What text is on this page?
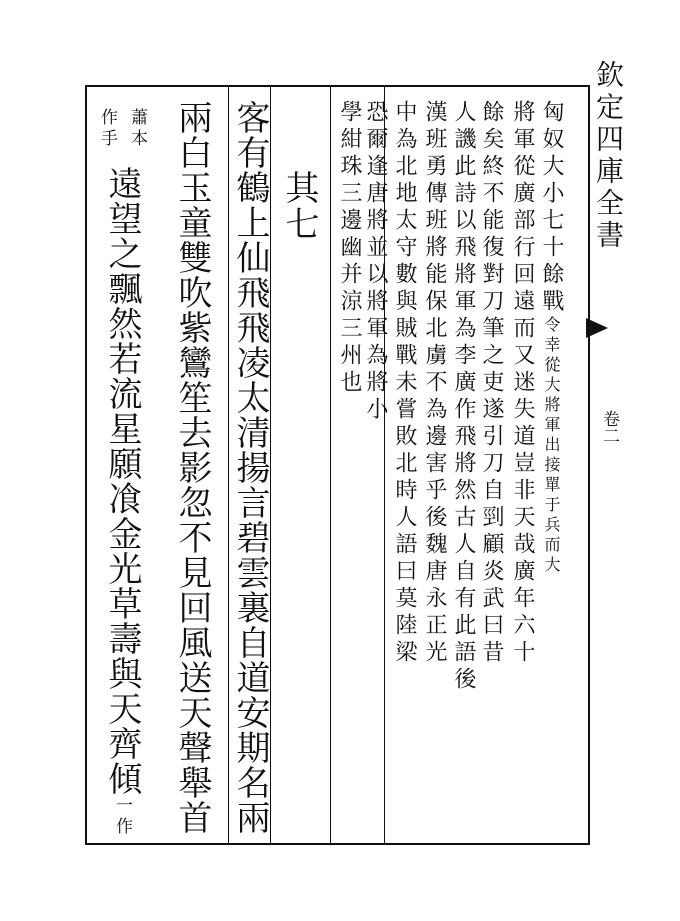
欽定四庫全書
卷二
匈奴大小七十餘戰令幸從大將軍出接單于兵而大
將軍從廣部行回遠而又迷失道豈非天哉廣年六十
餘矣終不能復對刀筆之吏遂引刀自剄顧炎武曰昔
人譏此詩以飛將軍為李廣作飛將然古人自有此語後
漢班勇傳班將能保北虜不為邊害乎後魏唐永正光
中為北地太守數與賊戰未嘗敗北時人語曰莫陸梁
恐爾逢唐將並以將軍為將小
學紺珠三邊幽并涼三州也
其七
客有鶴上仙飛飛凌太清揚言碧雲裏自道安期名兩
兩白玉童雙吹紫鸞笙去影忽不見回風送天聲舉首
蕭本
作手
遠望之飄然若流星願飡金光草壽與天齊傾一作
